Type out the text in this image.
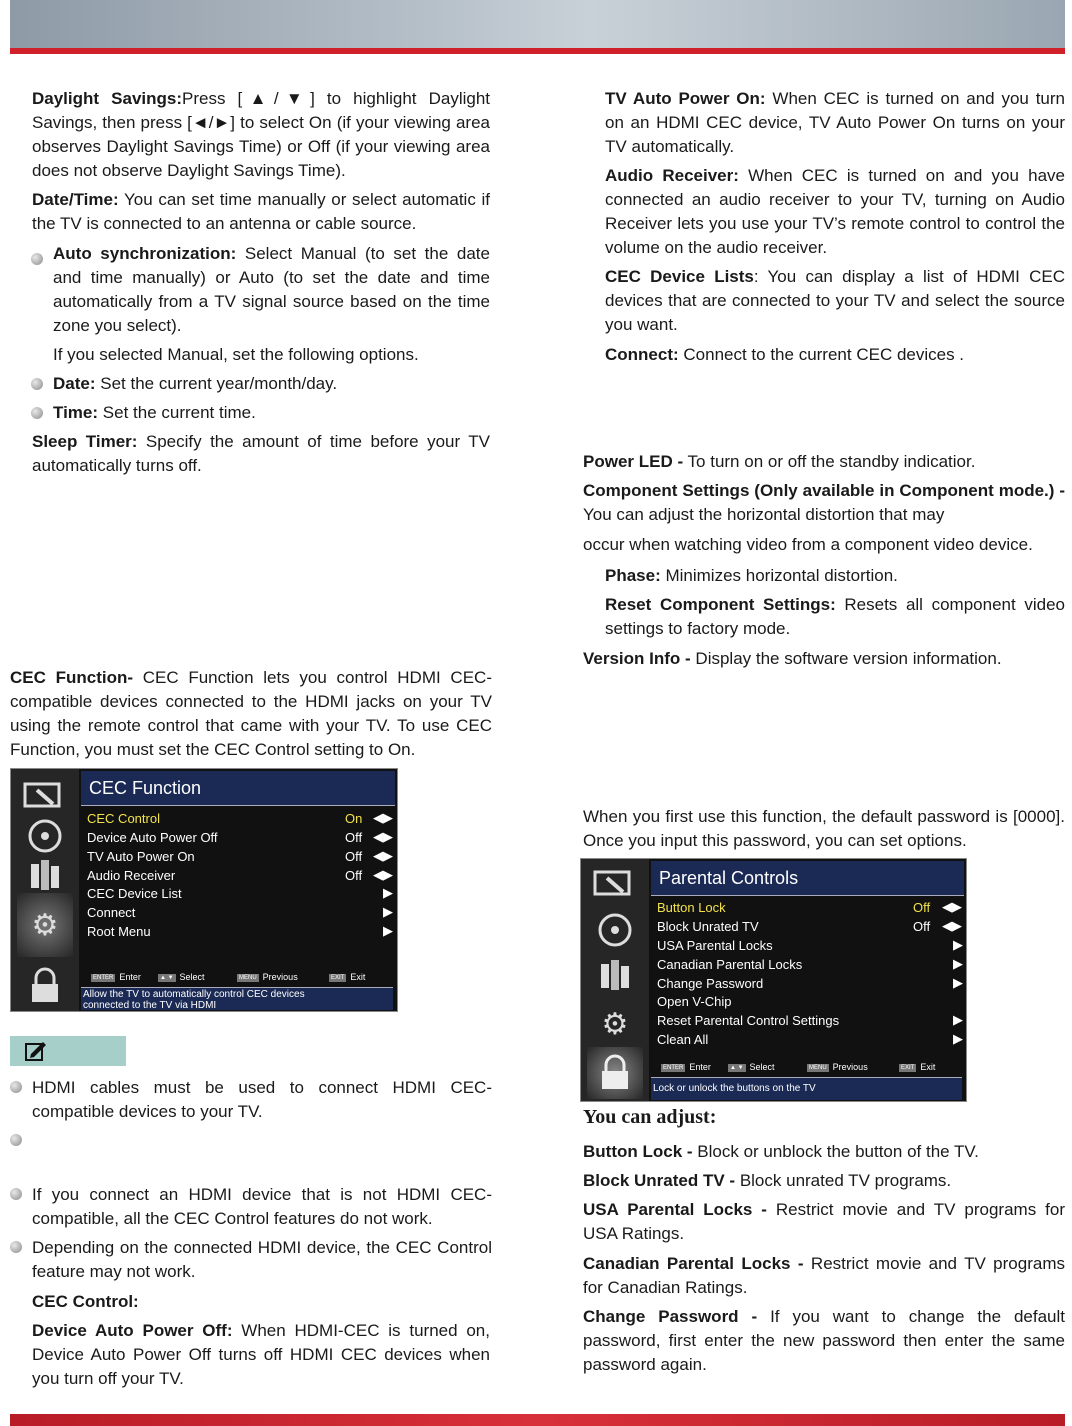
Daylight Savings:Press [▲/▼] to highlight Daylight Savings, then press [◄/►] to select On (if your viewing area observes Daylight Savings Time) or Off (if your viewing area does not observe Daylight Savings Time).

Date/Time: You can set time manually or select automatic if the TV is connected to an antenna or cable source.

Auto synchronization: Select Manual (to set the date and time manually) or Auto (to set the date and time automatically from a TV signal source based on the time zone you select).

If you selected Manual, set the following options.

Date: Set the current year/month/day.

Time: Set the current time.

Sleep Timer: Specify the amount of time before your TV automatically turns off.

CEC Function- CEC Function lets you control HDMI CEC-compatible devices connected to the HDMI jacks on your TV using the remote control that came with your TV. To use CEC Function, you must set the CEC Control setting to On.

⚙
CEC Function
CEC Control	On ◀▶
Device Auto Power Off	Off ◀▶
TV Auto Power On	Off ◀▶
Audio Receiver	Off ◀▶
CEC Device List	▶
Connect	▶
Root Menu	▶
ENTER Enter	▲ ▼ Select	MENU Previous	EXIT Exit
Allow the TV to automatically control CEC devices connected to the TV via HDMI

HDMI cables must be used to connect HDMI CEC-compatible devices to your TV.

If you connect an HDMI device that is not HDMI CEC-compatible, all the CEC Control features do not work.

Depending on the connected HDMI device, the CEC Control feature may not work.

CEC Control:

Device Auto Power Off: When HDMI-CEC is turned on, Device Auto Power Off turns off HDMI CEC devices when you turn off your TV.

TV Auto Power On: When CEC is turned on and you turn on an HDMI CEC device, TV Auto Power On turns on your TV automatically.

Audio Receiver: When CEC is turned on and you have connected an audio receiver to your TV, turning on Audio Receiver lets you use your TV’s remote control to control the volume on the audio receiver.

CEC Device Lists: You can display a list of HDMI CEC devices that are connected to your TV and select the source you want.

Connect: Connect to the current CEC devices .

Power LED - To turn on or off the standby indicatior.

Component Settings (Only available in Component mode.) - You can adjust the horizontal distortion that may

occur when watching video from a component video device.

Phase: Minimizes horizontal distortion.

Reset Component Settings: Resets all component video settings to factory mode.

Version Info - Display the software version information.

When you first use this function, the default password is [0000]. Once you input this password, you can set options.

⚙
Parental Controls
Button Lock	Off ◀▶
Block Unrated TV	Off ◀▶
USA Parental Locks	▶
Canadian Parental Locks	▶
Change Password	▶
Open V-Chip
Reset Parental Control Settings	▶
Clean All	▶
ENTER Enter	▲ ▼ Select	MENU Previous	EXIT Exit
Lock or unlock the buttons on the TV
You can adjust:

Button Lock - Block or unblock the button of the TV.

Block Unrated TV - Block unrated TV programs.

USA Parental Locks - Restrict movie and TV programs for USA Ratings.

Canadian Parental Locks - Restrict movie and TV programs for Canadian Ratings.

Change Password - If you want to change the default password, first enter the new password then enter the same password again.
